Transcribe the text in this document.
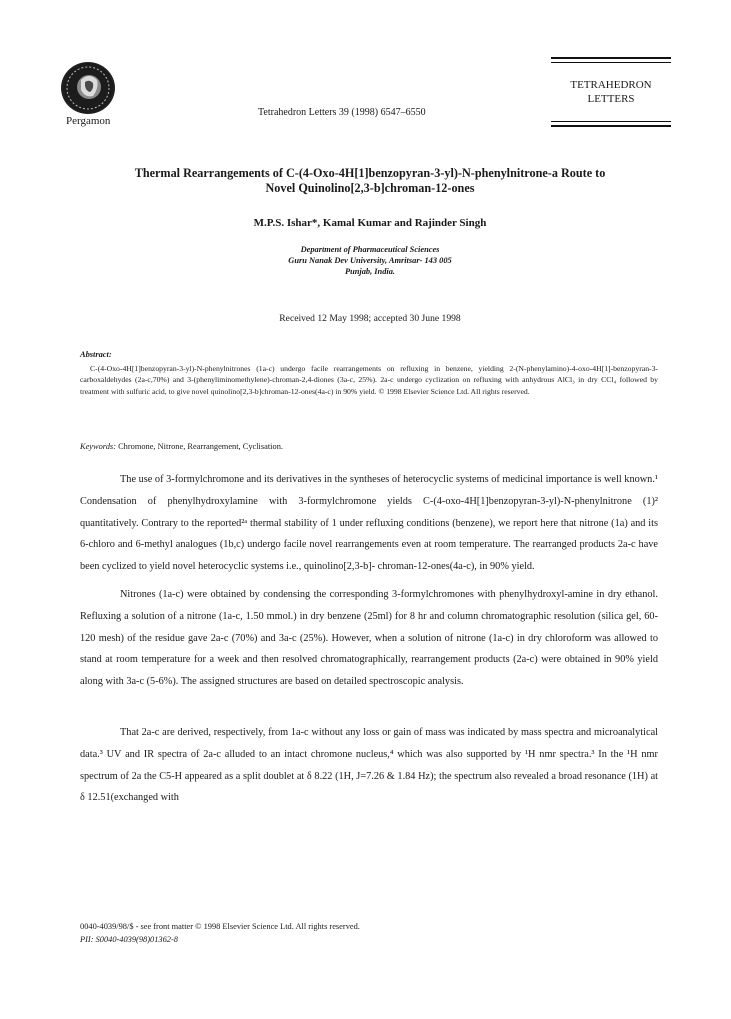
Pergamon
Tetrahedron Letters 39 (1998) 6547–6550
TETRAHEDRON
LETTERS
Thermal Rearrangements of C-(4-Oxo-4H[1]benzopyran-3-yl)-N-phenylnitrone-a Route to
Novel Quinolino[2,3-b]chroman-12-ones
M.P.S. Ishar*, Kamal Kumar and Rajinder Singh
Department of Pharmaceutical Sciences
Guru Nanak Dev University, Amritsar- 143 005
Punjab, India.
Received 12 May 1998; accepted 30 June 1998
Abstract:
C-(4-Oxo-4H[1]benzopyran-3-yl)-N-phenylnitrones (1a-c) undergo facile rearrangements on refluxing in benzene, yielding 2-(N-phenylamino)-4-oxo-4H[1]-benzopyran-3-carboxaldehydes (2a-c,70%) and 3-(phenyliminomethylene)-chroman-2,4-diones (3a-c, 25%). 2a-c undergo cyclization on refluxing with anhydrous AlCl₃ in dry CCl₄ followed by treatment with sulfuric acid, to give novel quinolino[2,3-b]chroman-12-ones(4a-c) in 90% yield. © 1998 Elsevier Science Ltd. All rights reserved.
Keywords: Chromone, Nitrone, Rearrangement, Cyclisation.
The use of 3-formylchromone and its derivatives in the syntheses of heterocyclic systems of medicinal importance is well known.¹ Condensation of phenylhydroxylamine with 3-formylchromone yields C-(4-oxo-4H[1]benzopyran-3-yl)-N-phenylnitrone (1)² quantitatively. Contrary to the reported²ᵃ thermal stability of 1 under refluxing conditions (benzene), we report here that nitrone (1a) and its 6-chloro and 6-methyl analogues (1b,c) undergo facile novel rearrangements even at room temperature. The rearranged products 2a-c have been cyclized to yield novel heterocyclic systems i.e., quinolino[2,3-b]- chroman-12-ones(4a-c), in 90% yield.
Nitrones (1a-c) were obtained by condensing the corresponding 3-formylchromones with phenylhydroxyl-amine in dry ethanol. Refluxing a solution of a nitrone (1a-c, 1.50 mmol.) in dry benzene (25ml) for 8 hr and column chromatographic resolution (silica gel, 60-120 mesh) of the residue gave 2a-c (70%) and 3a-c (25%). However, when a solution of nitrone (1a-c) in dry chloroform was allowed to stand at room temperature for a week and then resolved chromatographically, rearrangement products (2a-c) were obtained in 90% yield along with 3a-c (5-6%). The assigned structures are based on detailed spectroscopic analysis.
That 2a-c are derived, respectively, from 1a-c without any loss or gain of mass was indicated by mass spectra and microanalytical data.³ UV and IR spectra of 2a-c alluded to an intact chromone nucleus,⁴ which was also supported by ¹H nmr spectra.³ In the ¹H nmr spectrum of 2a the C5-H appeared as a split doublet at δ 8.22 (1H, J=7.26 & 1.84 Hz); the spectrum also revealed a broad resonance (1H) at δ 12.51(exchanged with
0040-4039/98/$ - see front matter © 1998 Elsevier Science Ltd. All rights reserved.
PII: S0040-4039(98)01362-8
